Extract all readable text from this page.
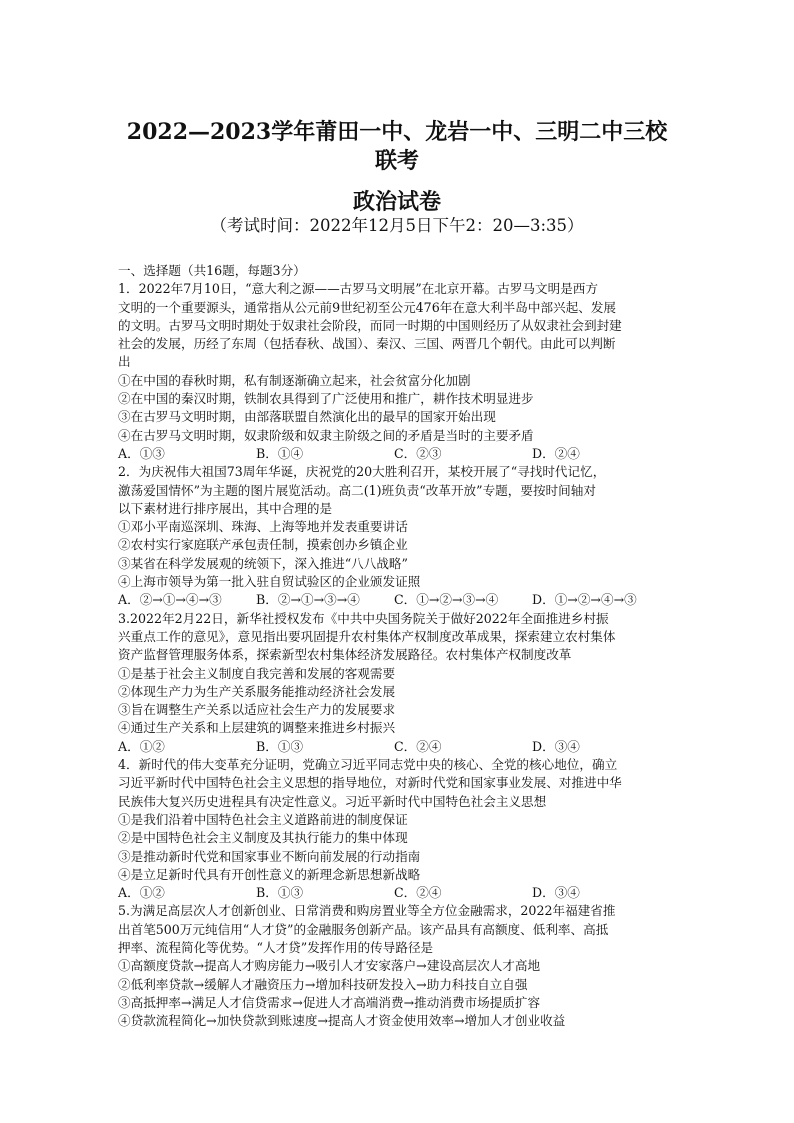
2022—2023学年莆田一中、龙岩一中、三明二中三校
联考
政治试卷
（考试时间：2022年12月5日下午2：20—3:35）
一、选择题（共16题，每题3分）
1．2022年7月10日，“意大利之源——古罗马文明展”在北京开幕。古罗马文明是西方
文明的一个重要源头，通常指从公元前9世纪初至公元476年在意大利半岛中部兴起、发展
的文明。古罗马文明时期处于奴隶社会阶段，而同一时期的中国则经历了从奴隶社会到封建
社会的发展，历经了东周（包括春秋、战国）、秦汉、三国、两晋几个朝代。由此可以判断
出
①在中国的春秋时期，私有制逐渐确立起来，社会贫富分化加剧
②在中国的秦汉时期，铁制农具得到了广泛使用和推广，耕作技术明显进步
③在古罗马文明时期，由部落联盟自然演化出的最早的国家开始出现
④在古罗马文明时期，奴隶阶级和奴隶主阶级之间的矛盾是当时的主要矛盾
A．①③	B．①④	C．②③	D．②④
2．为庆祝伟大祖国73周年华诞，庆祝党的20大胜利召开，某校开展了“寻找时代记忆，
激荡爱国情怀”为主题的图片展览活动。高二(1)班负责“改革开放”专题，要按时间轴对
以下素材进行排序展出，其中合理的是
①邓小平南巡深圳、珠海、上海等地并发表重要讲话
②农村实行家庭联产承包责任制，摸索创办乡镇企业
③某省在科学发展观的统领下，深入推进“八八战略”
④上海市领导为第一批入驻自贸试验区的企业颁发证照
A．②→①→④→③	B．②→①→③→④	C．①→②→③→④	D．①→②→④→③
3.2022年2月22日，新华社授权发布《中共中央国务院关于做好2022年全面推进乡村振
兴重点工作的意见》，意见指出要巩固提升农村集体产权制度改革成果，探索建立农村集体
资产监督管理服务体系，探索新型农村集体经济发展路径。农村集体产权制度改革
①是基于社会主义制度自我完善和发展的客观需要
②体现生产力为生产关系服务能推动经济社会发展
③旨在调整生产关系以适应社会生产力的发展要求
④通过生产关系和上层建筑的调整来推进乡村振兴
A．①②	B．①③	C．②④	D．③④
4．新时代的伟大变革充分证明，党确立习近平同志党中央的核心、全党的核心地位，确立
习近平新时代中国特色社会主义思想的指导地位，对新时代党和国家事业发展、对推进中华
民族伟大复兴历史进程具有决定性意义。习近平新时代中国特色社会主义思想
①是我们沿着中国特色社会主义道路前进的制度保证
②是中国特色社会主义制度及其执行能力的集中体现
③是推动新时代党和国家事业不断向前发展的行动指南
④是立足新时代具有开创性意义的新理念新思想新战略
A．①②	B．①③	C．②④	D．③④
5.为满足高层次人才创新创业、日常消费和购房置业等全方位金融需求，2022年福建省推
出首笔500万元纯信用“人才贷”的金融服务创新产品。该产品具有高额度、低利率、高抵
押率、流程简化等优势。“人才贷”发挥作用的传导路径是
①高额度贷款→提高人才购房能力→吸引人才安家落户→建设高层次人才高地
②低利率贷款→缓解人才融资压力→增加科技研发投入→助力科技自立自强
③高抵押率→满足人才信贷需求→促进人才高端消费→推动消费市场提质扩容
④贷款流程简化→加快贷款到账速度→提高人才资金使用效率→增加人才创业收益
